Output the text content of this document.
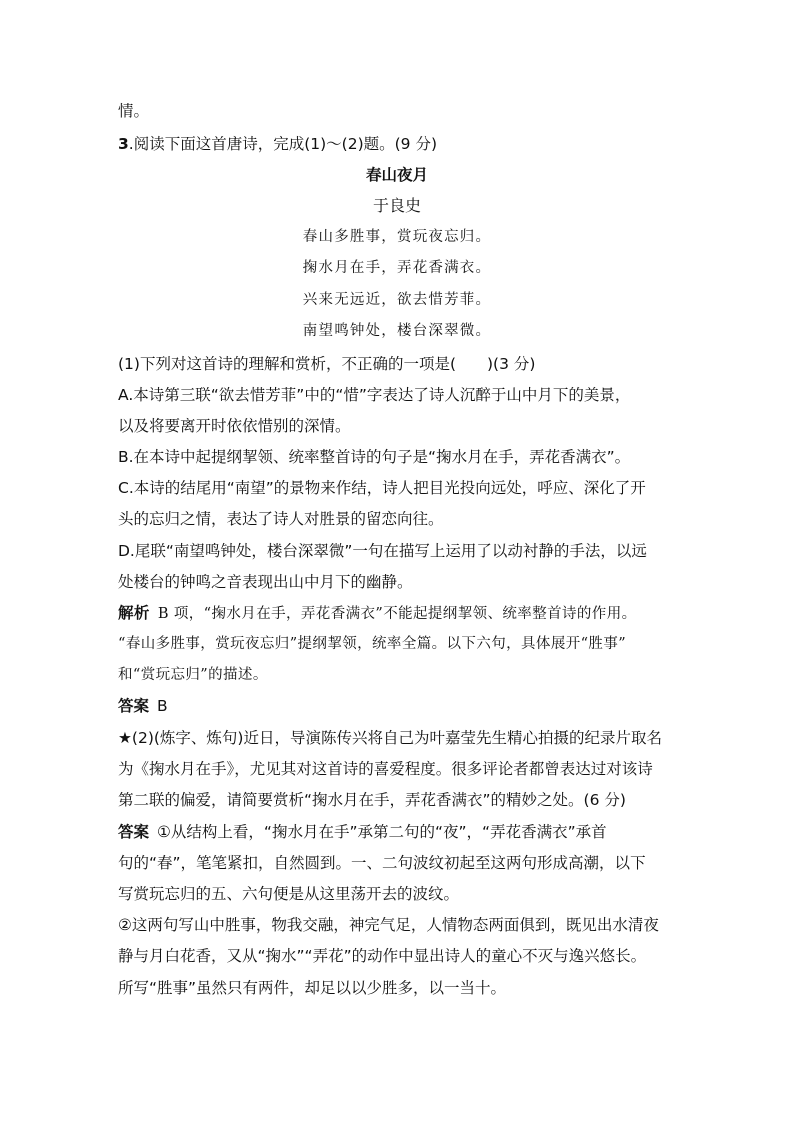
情。
3.阅读下面这首唐诗，完成(1)～(2)题。(9 分)
春山夜月
于良史
春山多胜事，赏玩夜忘归。
掬水月在手，弄花香满衣。
兴来无远近，欲去惜芳菲。
南望鸣钟处，楼台深翠微。
(1)下列对这首诗的理解和赏析，不正确的一项是(　　)(3 分)
A.本诗第三联“欲去惜芳菲”中的“惜”字表达了诗人沉醉于山中月下的美景，
以及将要离开时依依惜别的深情。
B.在本诗中起提纲挈领、统率整首诗的句子是“掬水月在手，弄花香满衣”。
C.本诗的结尾用“南望”的景物来作结，诗人把目光投向远处，呼应、深化了开
头的忘归之情，表达了诗人对胜景的留恋向往。
D.尾联“南望鸣钟处，楼台深翠微”一句在描写上运用了以动衬静的手法，以远
处楼台的钟鸣之音表现出山中月下的幽静。
解析 B 项，“掬水月在手，弄花香满衣”不能起提纲挈领、统率整首诗的作用。
“春山多胜事，赏玩夜忘归”提纲挈领，统率全篇。以下六句，具体展开“胜事”
和“赏玩忘归”的描述。
答案 B
★(2)(炼字、炼句)近日，导演陈传兴将自己为叶嘉莹先生精心拍摄的纪录片取名
为《掬水月在手》，尤见其对这首诗的喜爱程度。很多评论者都曾表达过对该诗
第二联的偏爱，请简要赏析“掬水月在手，弄花香满衣”的精妙之处。(6 分)
答案 ①从结构上看，“掬水月在手”承第二句的“夜”，“弄花香满衣”承首
句的“春”，笔笔紧扣，自然圆到。一、二句波纹初起至这两句形成高潮，以下
写赏玩忘归的五、六句便是从这里荡开去的波纹。
②这两句写山中胜事，物我交融，神完气足，人情物态两面俱到，既见出水清夜
静与月白花香，又从“掬水”“弄花”的动作中显出诗人的童心不灭与逸兴悠长。
所写“胜事”虽然只有两件，却足以以少胜多，以一当十。
